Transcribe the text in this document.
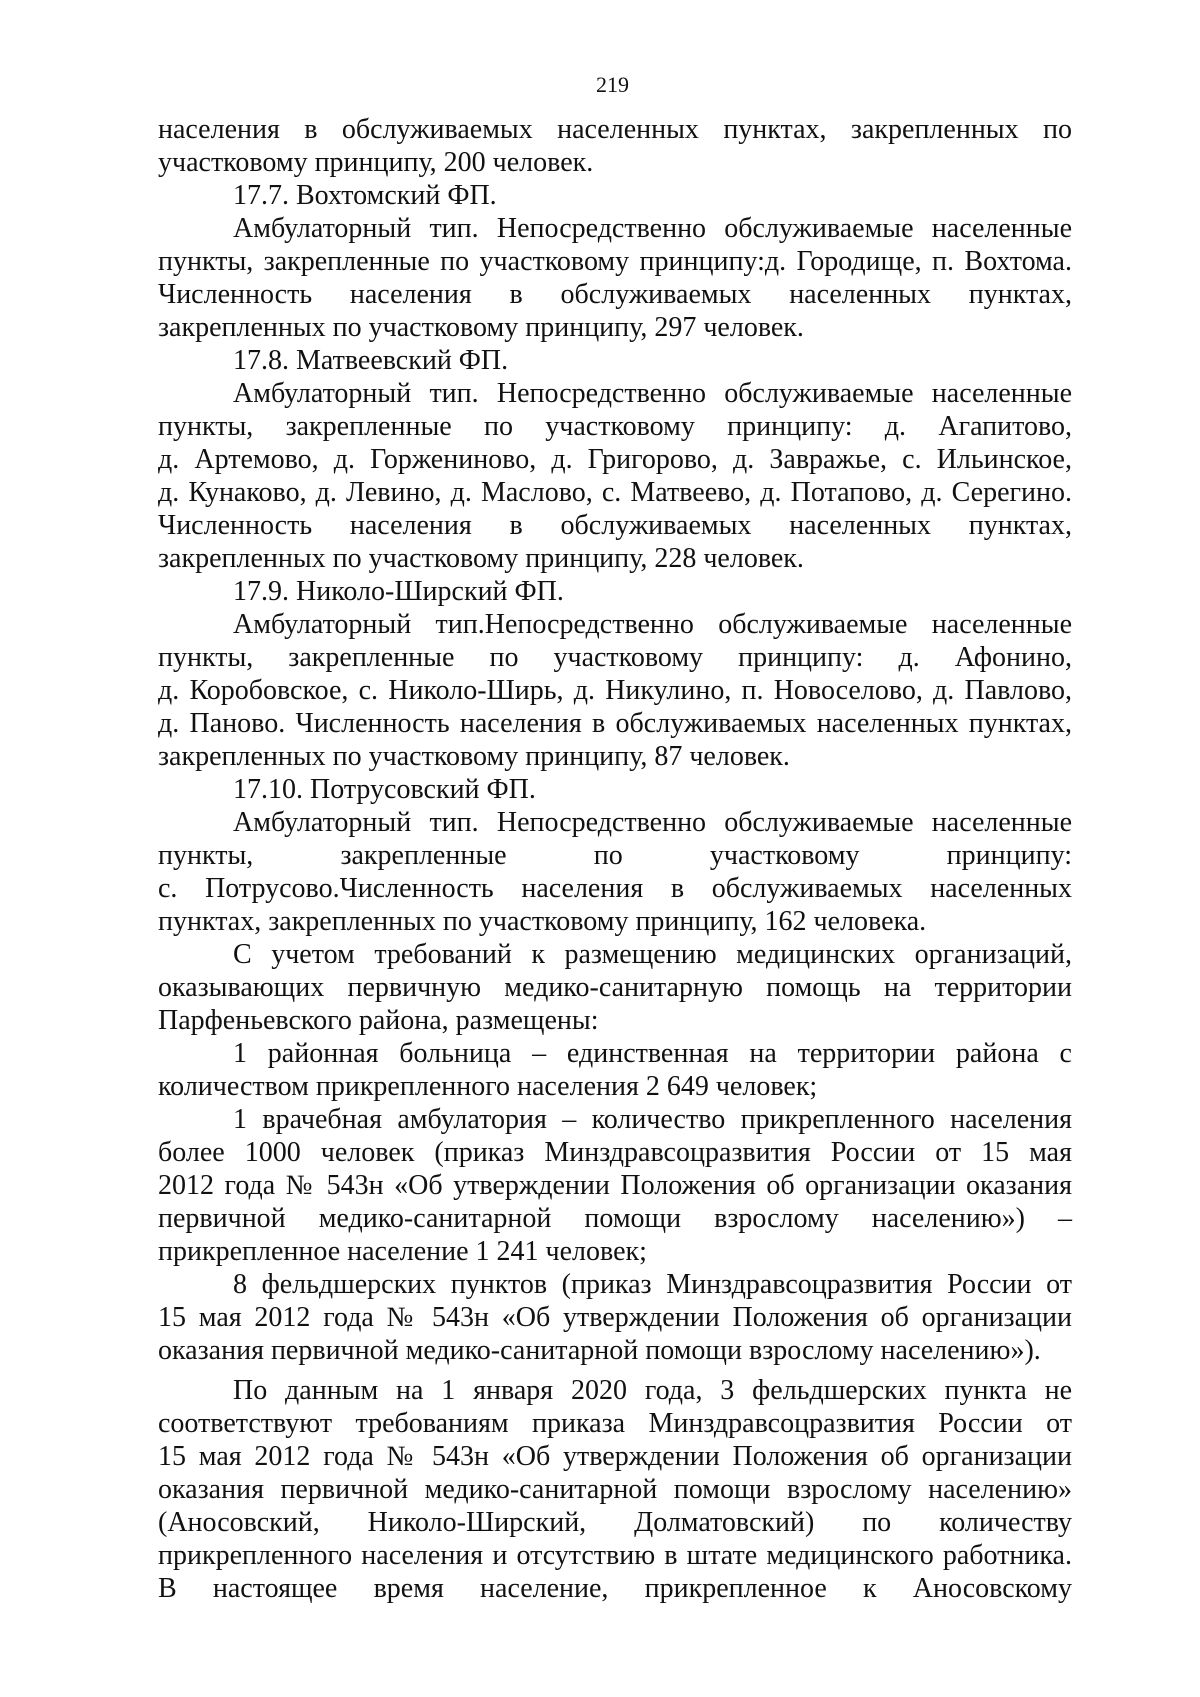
219
населения в обслуживаемых населенных пунктах, закрепленных по
участковому принципу, 200 человек.
17.7. Вохтомский ФП.
Амбулаторный тип. Непосредственно обслуживаемые населенные
пункты, закрепленные по участковому принципу:д. Городище, п. Вохтома.
Численность населения в обслуживаемых населенных пунктах,
закрепленных по участковому принципу, 297 человек.
17.8. Матвеевский ФП.
Амбулаторный тип. Непосредственно обслуживаемые населенные
пункты, закрепленные по участковому принципу: д. Агапитово,
д. Артемово, д. Горжениново, д. Григорово, д. Завражье, с. Ильинское,
д. Кунаково, д. Левино, д. Маслово, с. Матвеево, д. Потапово, д. Серегино.
Численность населения в обслуживаемых населенных пунктах,
закрепленных по участковому принципу, 228 человек.
17.9. Николо-Ширский ФП.
Амбулаторный тип.Непосредственно обслуживаемые населенные
пункты, закрепленные по участковому принципу: д. Афонино,
д. Коробовское, с. Николо-Ширь, д. Никулино, п. Новоселово, д. Павлово,
д. Паново. Численность населения в обслуживаемых населенных пунктах,
закрепленных по участковому принципу, 87 человек.
17.10. Потрусовский ФП.
Амбулаторный тип. Непосредственно обслуживаемые населенные
пункты, закрепленные по участковому принципу:
с. Потрусово.Численность населения в обслуживаемых населенных
пунктах, закрепленных по участковому принципу, 162 человека.
С учетом требований к размещению медицинских организаций,
оказывающих первичную медико-санитарную помощь на территории
Парфеньевского района, размещены:
1 районная больница – единственная на территории района с
количеством прикрепленного населения 2 649 человек;
1 врачебная амбулатория – количество прикрепленного населения
более 1000 человек (приказ Минздравсоцразвития России от 15 мая
2012 года № 543н «Об утверждении Положения об организации оказания
первичной медико-санитарной помощи взрослому населению») –
прикрепленное население 1 241 человек;
8 фельдшерских пунктов (приказ Минздравсоцразвития России от
15 мая 2012 года № 543н «Об утверждении Положения об организации
оказания первичной медико-санитарной помощи взрослому населению»).
По данным на 1 января 2020 года, 3 фельдшерских пункта не
соответствуют требованиям приказа Минздравсоцразвития России от
15 мая 2012 года № 543н «Об утверждении Положения об организации
оказания первичной медико-санитарной помощи взрослому населению»
(Аносовский, Николо-Ширский, Долматовский) по количеству
прикрепленного населения и отсутствию в штате медицинского работника.
В настоящее время население, прикрепленное к Аносовскому
